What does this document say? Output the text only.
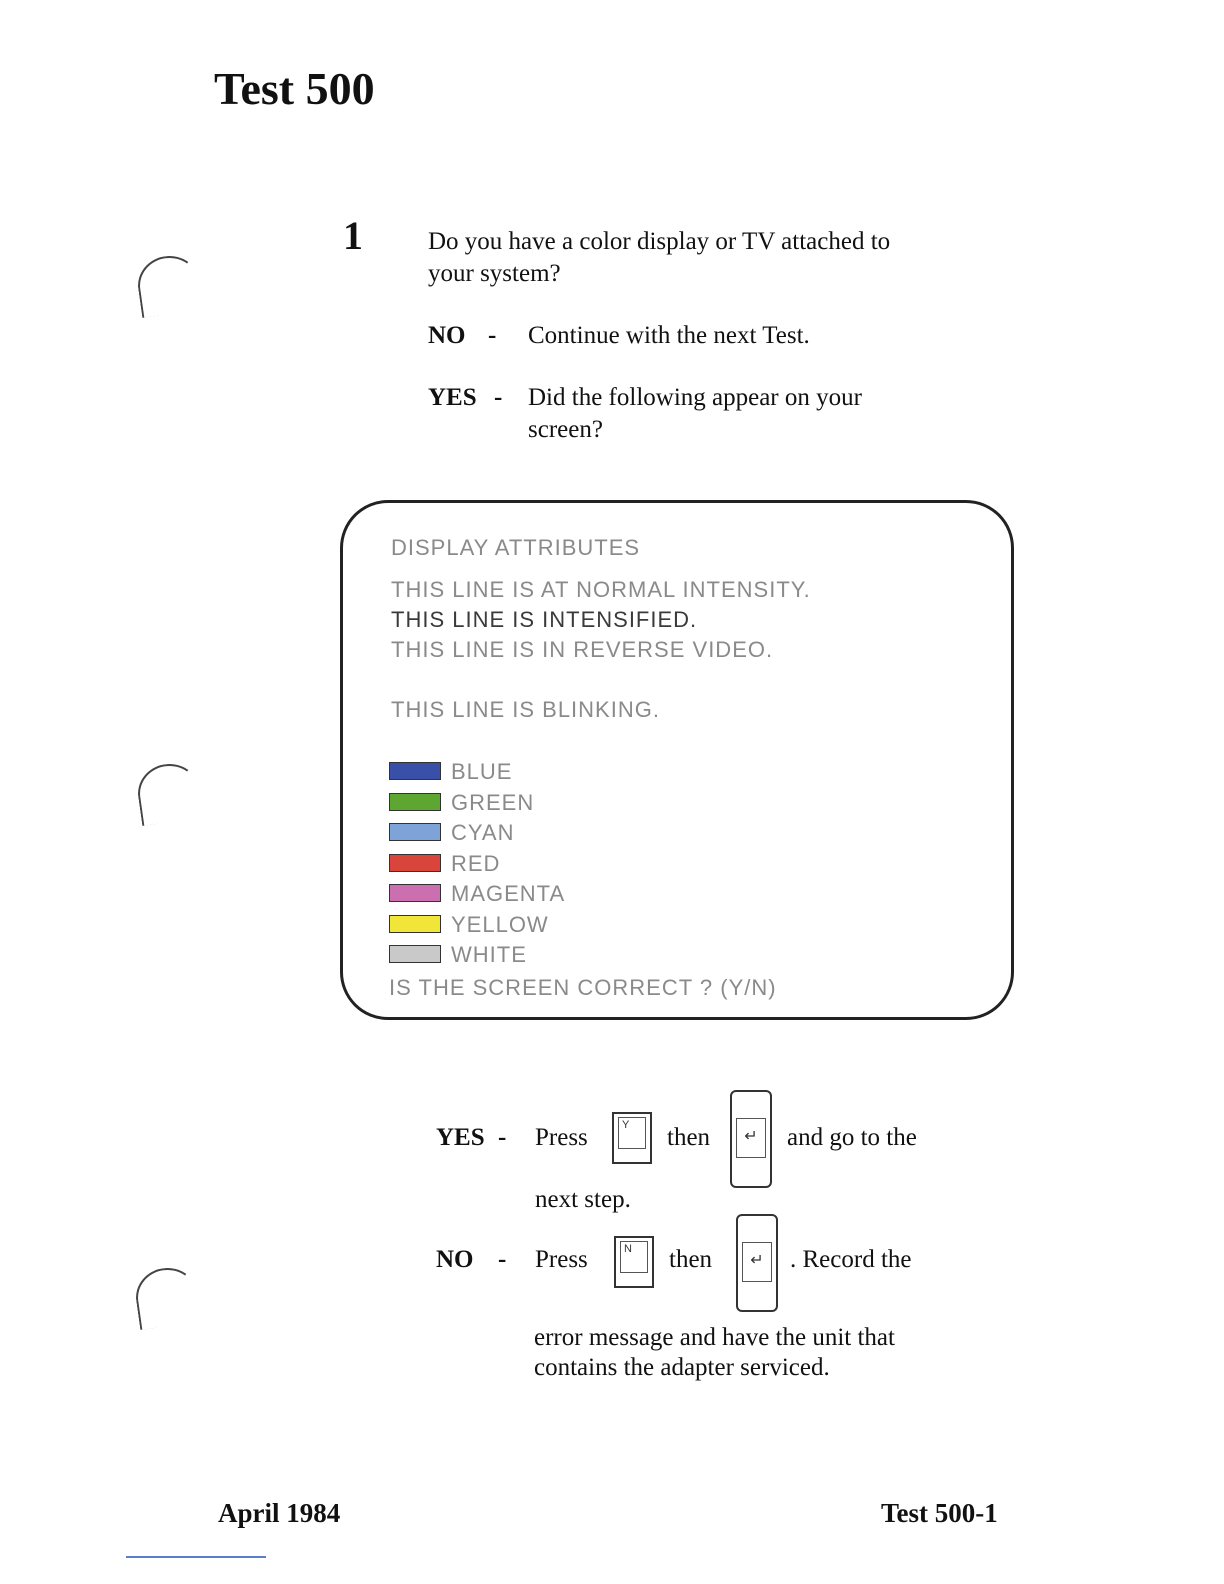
Test 500
1	Do you have a color display or TV attached to
your system?
NO - Continue with the next Test.
YES - Did the following appear on your
screen?
DISPLAY ATTRIBUTES
THIS LINE IS AT NORMAL INTENSITY.
THIS LINE IS INTENSIFIED.
THIS LINE IS IN REVERSE VIDEO.
THIS LINE IS BLINKING.
BLUE
GREEN
CYAN
RED
MAGENTA
YELLOW
WHITE
IS THE SCREEN CORRECT ? (Y/N)
YES - Press	Y	then	↵	and go to the
next step.
NO - Press	N	then	↵	. Record the
error message and have the unit that
contains the adapter serviced.
April 1984	Test 500-1
